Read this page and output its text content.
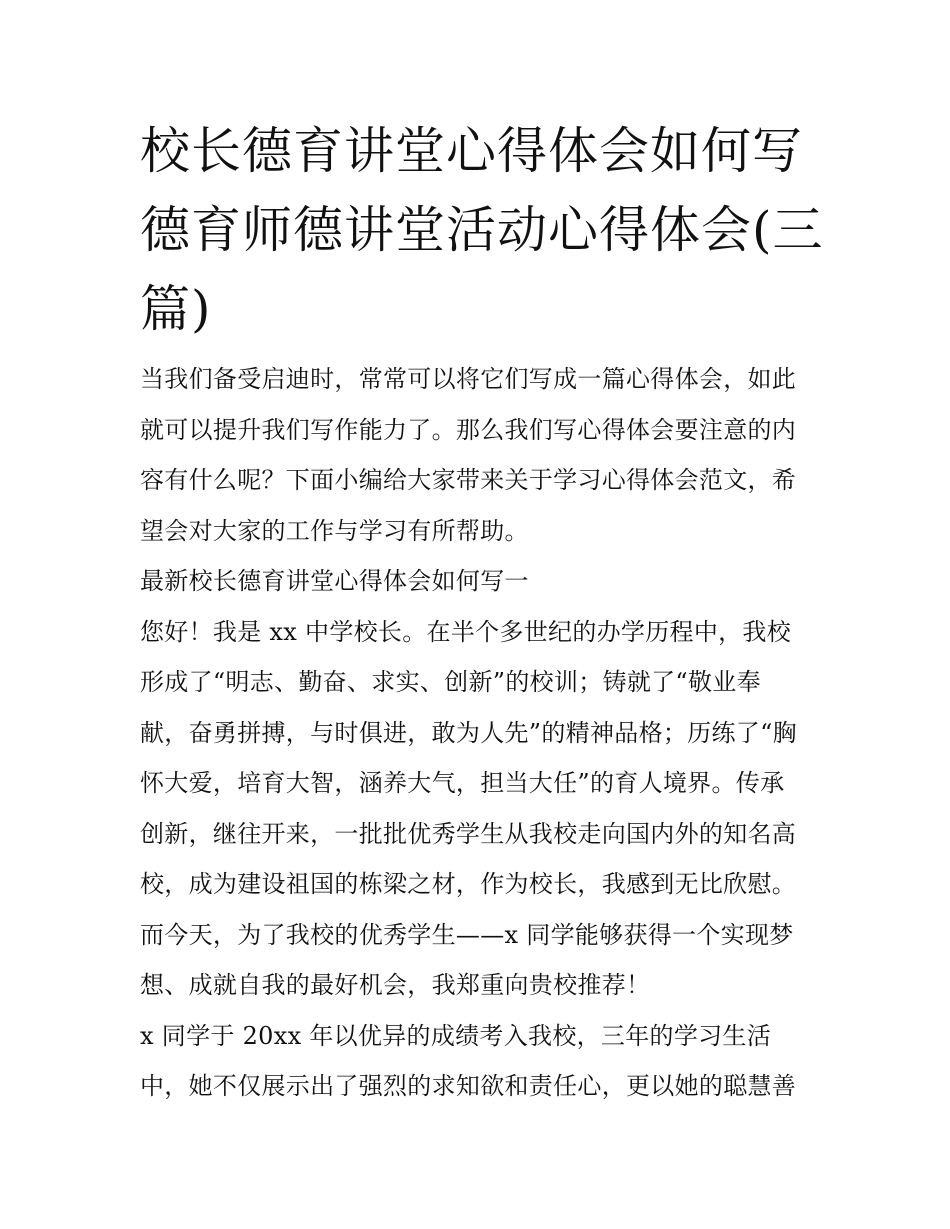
校长德育讲堂心得体会如何写
德育师德讲堂活动心得体会(三
篇)
当我们备受启迪时，常常可以将它们写成一篇心得体会，如此
就可以提升我们写作能力了。那么我们写心得体会要注意的内
容有什么呢？下面小编给大家带来关于学习心得体会范文，希
望会对大家的工作与学习有所帮助。
最新校长德育讲堂心得体会如何写一
您好！我是 xx 中学校长。在半个多世纪的办学历程中，我校
形成了“明志、勤奋、求实、创新”的校训；铸就了“敬业奉
献，奋勇拼搏，与时俱进，敢为人先”的精神品格；历练了“胸
怀大爱，培育大智，涵养大气，担当大任”的育人境界。传承
创新，继往开来，一批批优秀学生从我校走向国内外的知名高
校，成为建设祖国的栋梁之材，作为校长，我感到无比欣慰。
而今天，为了我校的优秀学生——x 同学能够获得一个实现梦
想、成就自我的最好机会，我郑重向贵校推荐！
x 同学于 20xx 年以优异的成绩考入我校，三年的学习生活
中，她不仅展示出了强烈的求知欲和责任心，更以她的聪慧善
